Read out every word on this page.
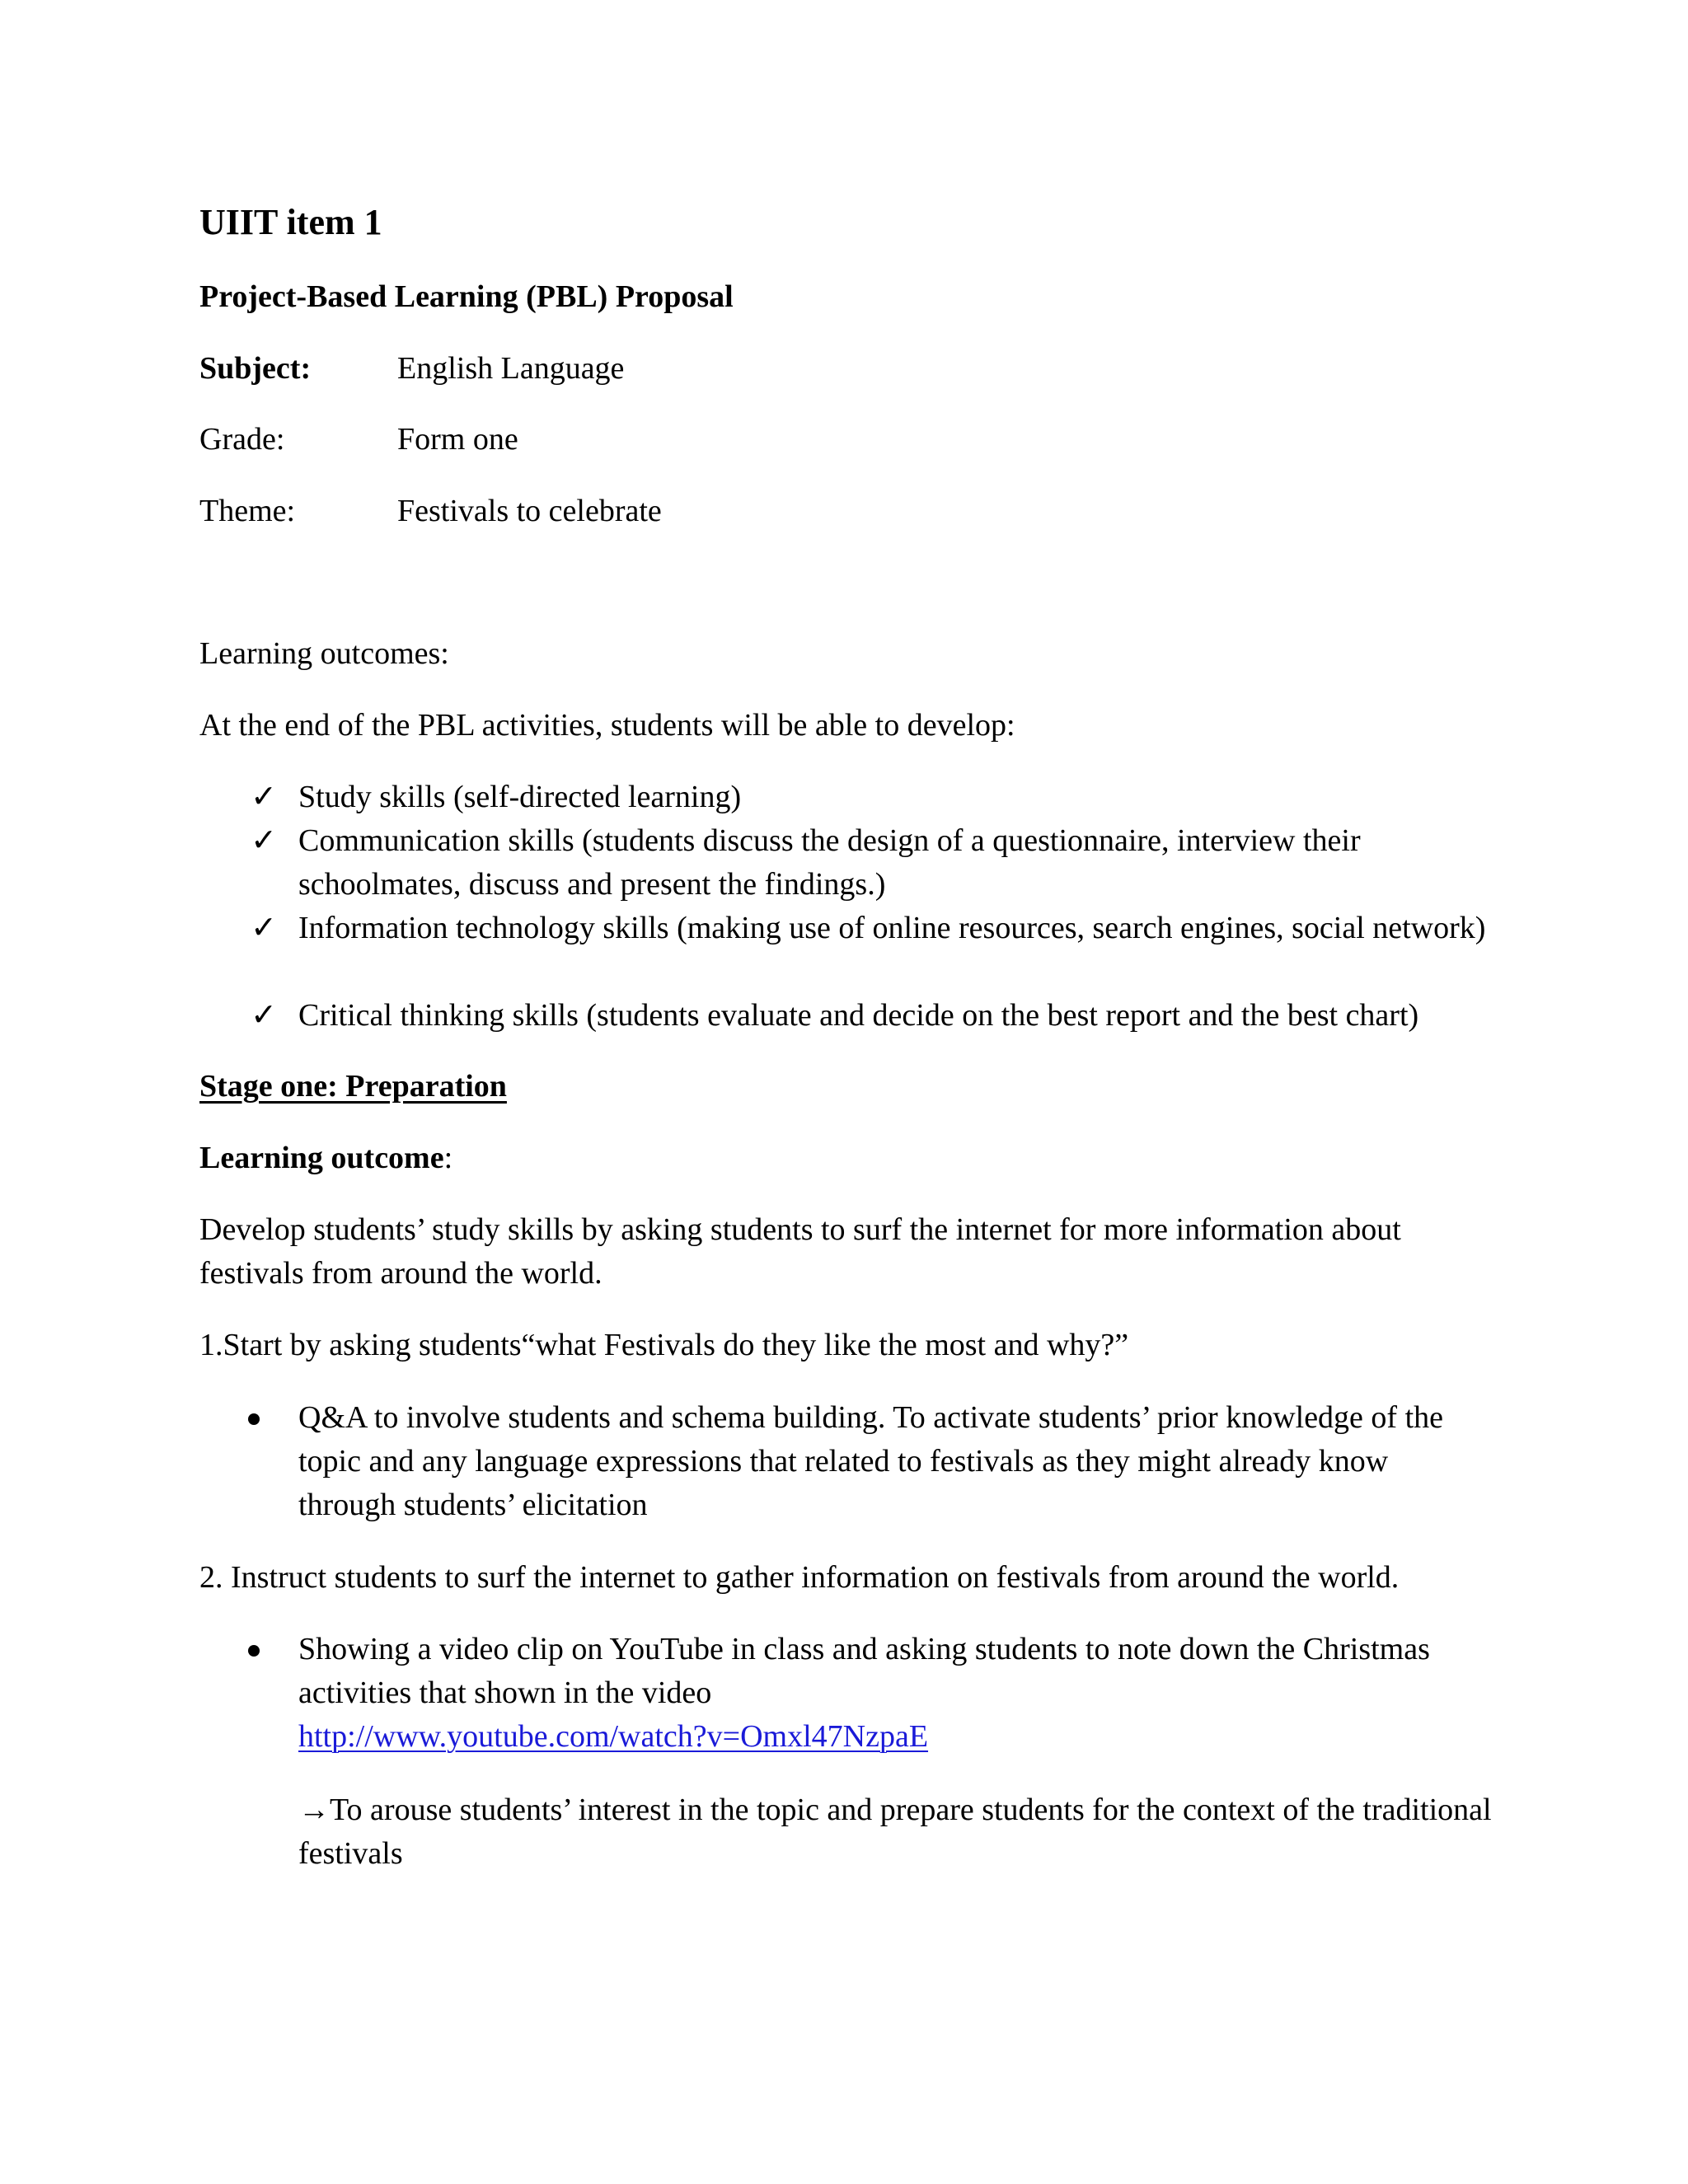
UIIT item 1
Project-Based Learning (PBL) Proposal
Subject:	English Language
Grade:	Form one
Theme:	Festivals to celebrate
Learning outcomes:
At the end of the PBL activities, students will be able to develop:
✓ Study skills (self-directed learning)
✓ Communication skills (students discuss the design of a questionnaire, interview their schoolmates, discuss and present the findings.)
✓ Information technology skills (making use of online resources, search engines, social network)
✓ Critical thinking skills (students evaluate and decide on the best report and the best chart)
Stage one: Preparation
Learning outcome:
Develop students’ study skills by asking students to surf the internet for more information about festivals from around the world.
1.Start by asking students“what Festivals do they like the most and why?”
Q&A to involve students and schema building. To activate students’ prior knowledge of the topic and any language expressions that related to festivals as they might already know through students’ elicitation
2. Instruct students to surf the internet to gather information on festivals from around the world.
Showing a video clip on YouTube in class and asking students to note down the Christmas activities that shown in the video
http://www.youtube.com/watch?v=Omxl47NzpaE
→ To arouse students’ interest in the topic and prepare students for the context of the traditional festivals
